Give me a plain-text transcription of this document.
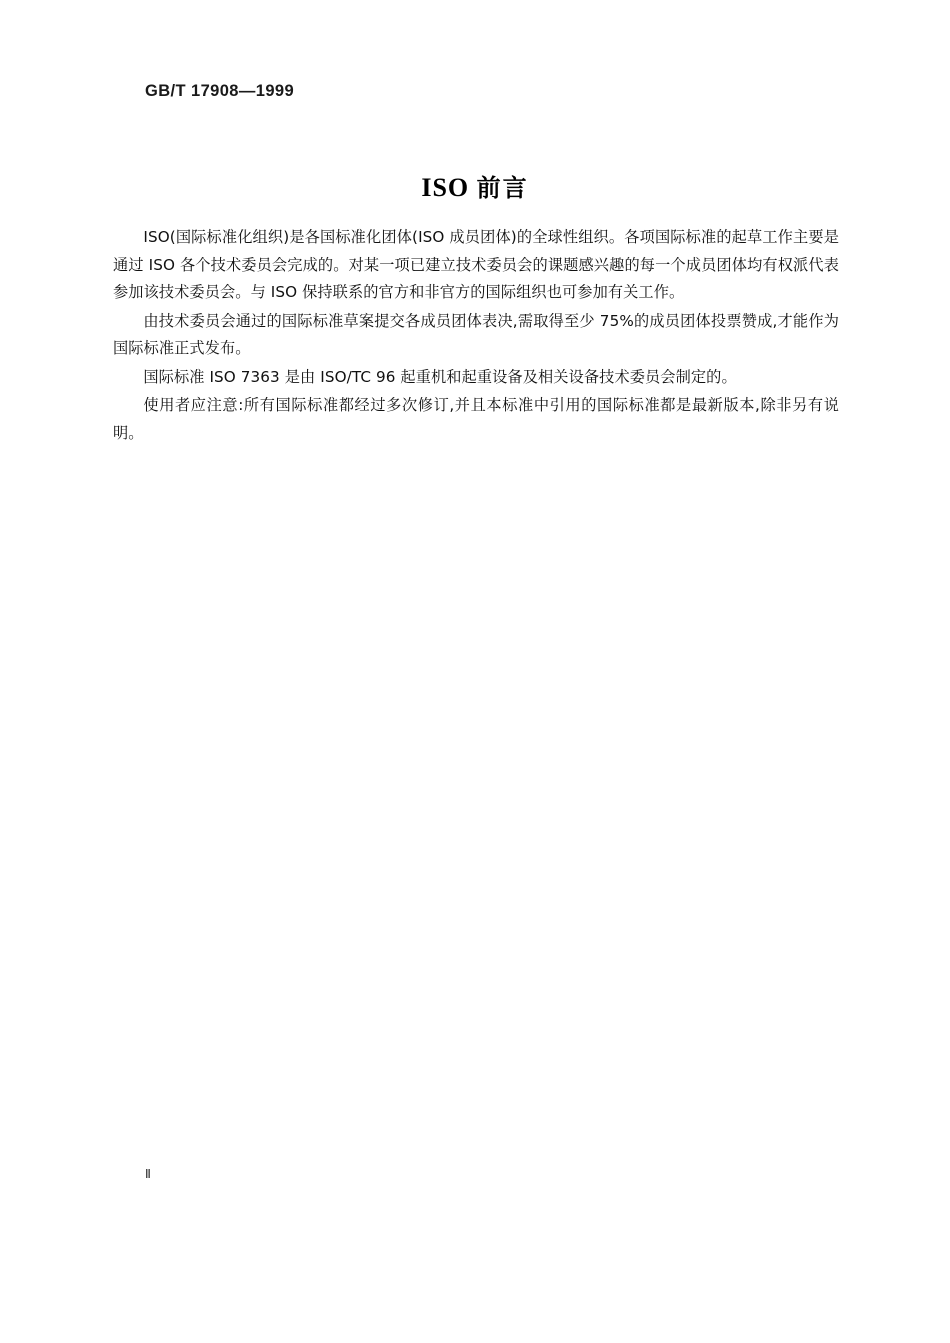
GB/T 17908—1999
ISO 前言

ISO(国际标准化组织)是各国标准化团体(ISO 成员团体)的全球性组织。各项国际标准的起草工作主要是通过 ISO 各个技术委员会完成的。对某一项已建立技术委员会的课题感兴趣的每一个成员团体均有权派代表参加该技术委员会。与 ISO 保持联系的官方和非官方的国际组织也可参加有关工作。

由技术委员会通过的国际标准草案提交各成员团体表决,需取得至少 75%的成员团体投票赞成,才能作为国际标准正式发布。

国际标准 ISO 7363 是由 ISO/TC 96 起重机和起重设备及相关设备技术委员会制定的。

使用者应注意:所有国际标准都经过多次修订,并且本标准中引用的国际标准都是最新版本,除非另有说明。

Ⅱ
